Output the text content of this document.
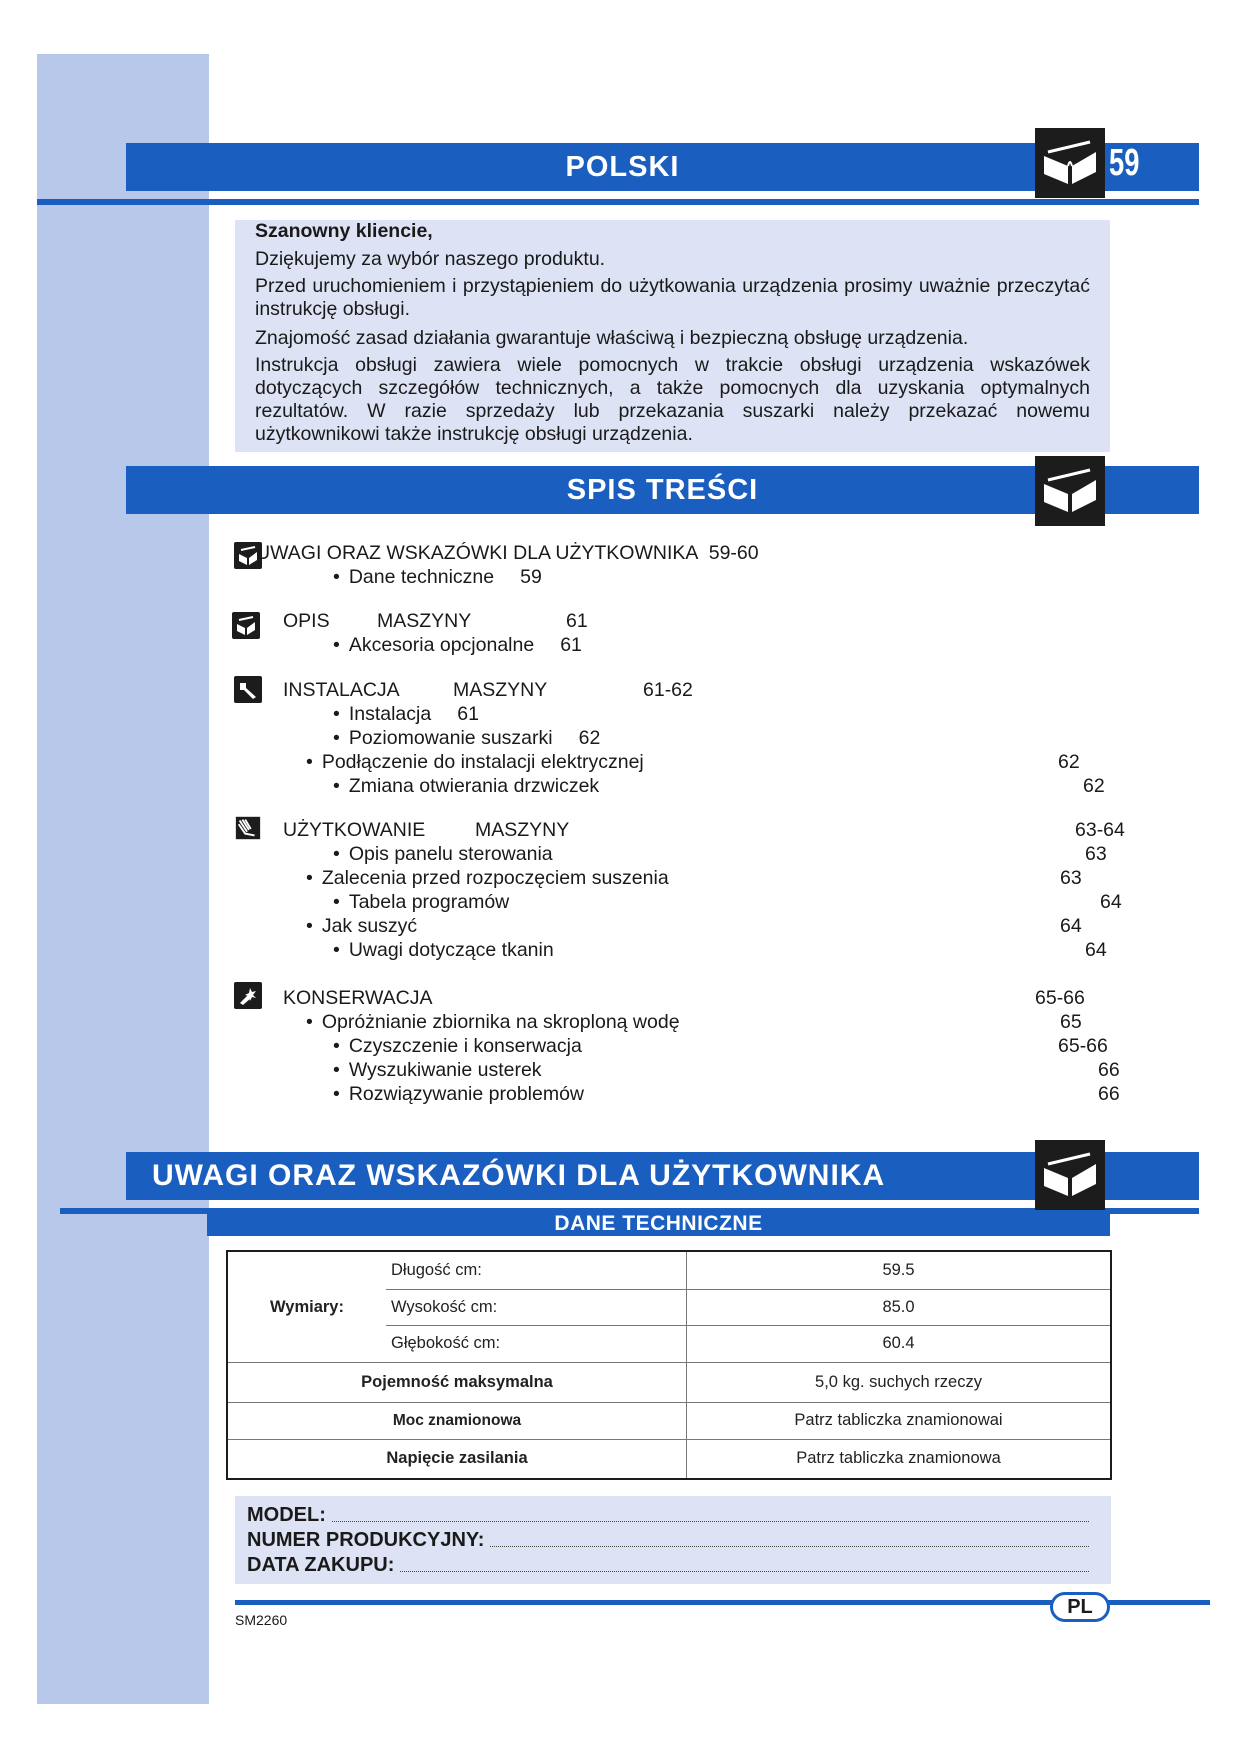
POLSKI	59

Szanowny kliencie,

Dziękujemy za wybór naszego produktu.

Przed uruchomieniem i przystąpieniem do użytkowania urządzenia prosimy uważnie przeczytać instrukcję obsługi.

Znajomość zasad działania gwarantuje właściwą i bezpieczną obsługę urządzenia.

Instrukcja obsługi zawiera wiele pomocnych w trakcie obsługi urządzenia wskazówek dotyczących szczegółów technicznych, a także pomocnych dla uzyskania optymalnych rezultatów. W razie sprzedaży lub przekazania suszarki należy przekazać nowemu użytkownikowi także instrukcję obsługi urządzenia.

SPIS TREŚCI
UWAGI ORAZ WSKAZÓWKI DLA UŻYTKOWNIKA 59-60
• Dane techniczne 59
OPIS MASZYNY	61
• Akcesoria opcjonalne 61
INSTALACJA	MASZYNY	61-62
• Instalacja 61
• Poziomowanie suszarki 62
• Podłączenie do instalacji elektrycznej	62
• Zmiana otwierania drzwiczek	62
UŻYTKOWANIE	MASZYNY	63-64
• Opis panelu sterowania	63
• Zalecenia przed rozpoczęciem suszenia	63
• Tabela programów	64
• Jak suszyć	64
• Uwagi dotyczące tkanin	64
KONSERWACJA	65-66
• Opróżnianie zbiornika na skroploną wodę	65
• Czyszczenie i konserwacja	65-66
• Wyszukiwanie usterek	66
• Rozwiązywanie problemów	66
UWAGI ORAZ WSKAZÓWKI DLA UŻYTKOWNIKA
DANE TECHNICZNE
Wymiary:
Długość cm:	59.5
Wysokość cm:	85.0
Głębokość cm:	60.4
Pojemność maksymalna	5,0 kg. suchych rzeczy
Moc znamionowa	Patrz tabliczka znamionowai
Napięcie zasilania	Patrz tabliczka znamionowa
MODEL:
NUMER PRODUKCYJNY:
DATA ZAKUPU:
PL
SM2260
